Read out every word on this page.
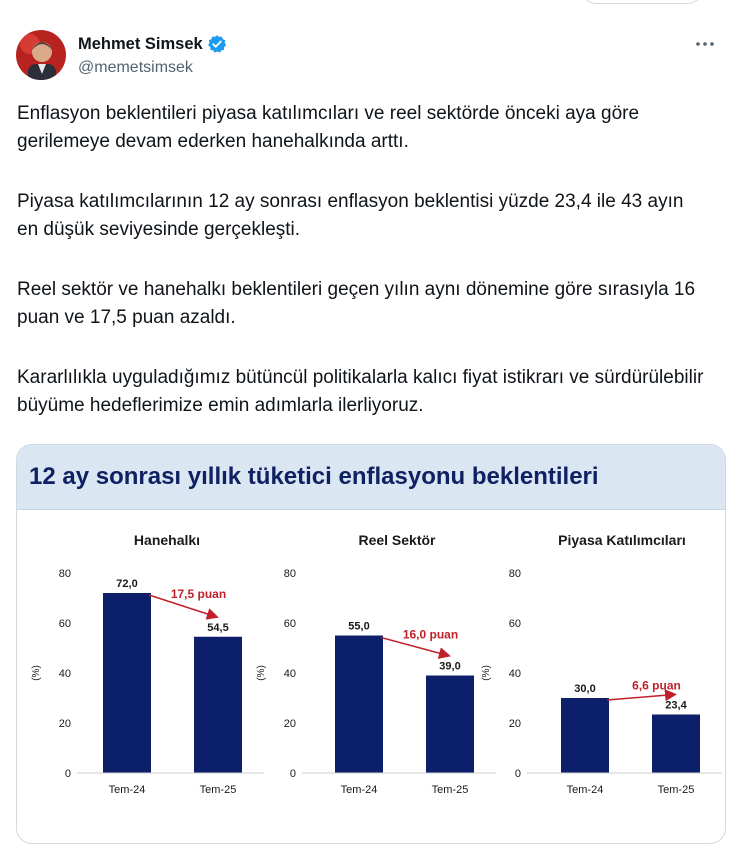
Mehmet Simsek
@memetsimsek

Enflasyon beklentileri piyasa katılımcıları ve reel sektörde önceki aya göre gerilemeye devam ederken hanehalkında arttı.

Piyasa katılımcılarının 12 ay sonrası enflasyon beklentisi yüzde 23,4 ile 43 ayın en düşük seviyesinde gerçekleşti.

Reel sektör ve hanehalkı beklentileri geçen yılın aynı dönemine göre sırasıyla 16 puan ve 17,5 puan azaldı.

Kararlılıkla uyguladığımız bütüncül politikalarla kalıcı fiyat istikrarı ve sürdürülebilir büyüme hedeflerimize emin adımlarla ilerliyoruz.

12 ay sonrası yıllık tüketici enflasyonu beklentileri
Hanehalkı
0
20
40
60
80
(%)
72,0
Tem-24
54,5
Tem-25
17,5 puan
Reel Sektör
0
20
40
60
80
(%)
55,0
Tem-24
39,0
Tem-25
16,0 puan
Piyasa Katılımcıları
0
20
40
60
80
(%)
30,0
Tem-24
23,4
Tem-25
6,6 puan
